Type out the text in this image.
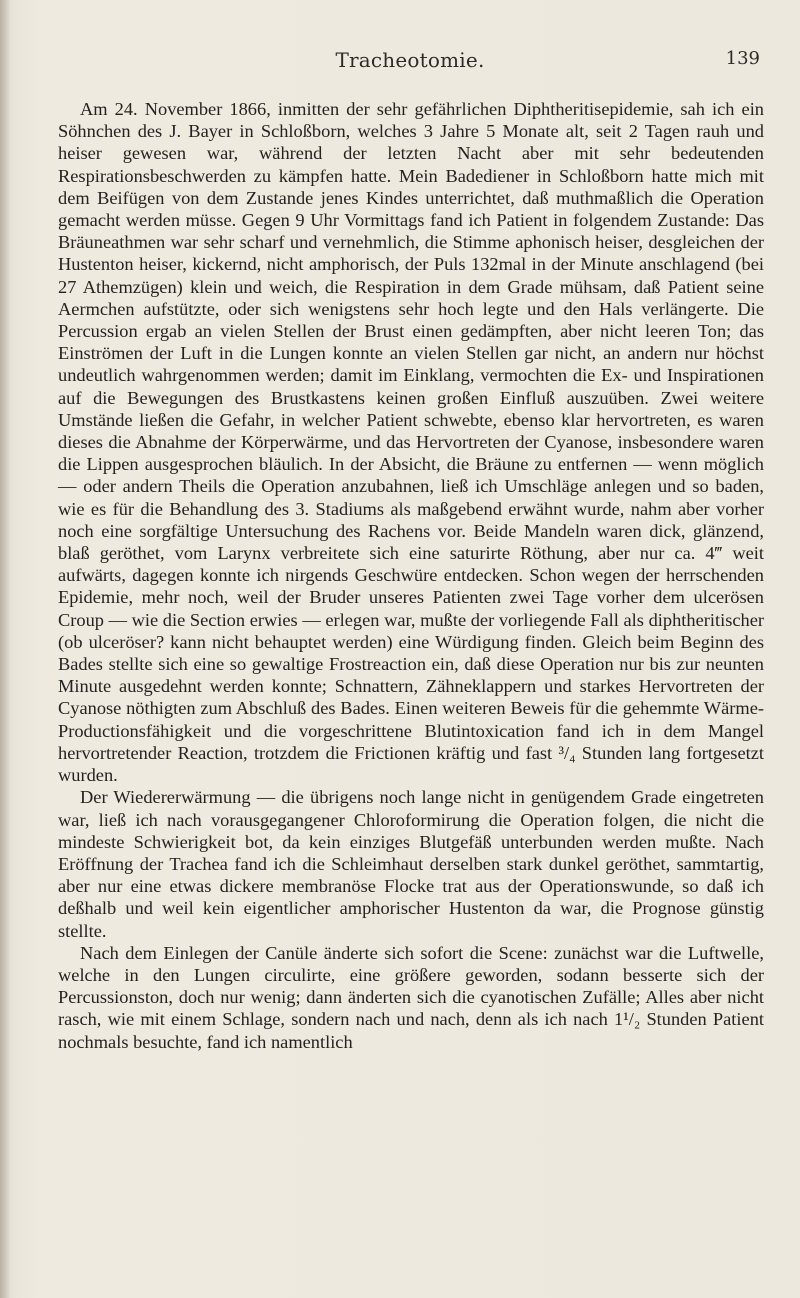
Tracheotomie.	139

Am 24. November 1866, inmitten der sehr gefährlichen Diphtheritisepidemie, sah ich ein Söhnchen des J. Bayer in Schloßborn, welches 3 Jahre 5 Monate alt, seit 2 Tagen rauh und heiser gewesen war, während der letzten Nacht aber mit sehr bedeutenden Respirationsbeschwerden zu kämpfen hatte. Mein Badediener in Schloßborn hatte mich mit dem Beifügen von dem Zustande jenes Kindes unterrichtet, daß muthmaßlich die Operation gemacht werden müsse. Gegen 9 Uhr Vormittags fand ich Patient in folgendem Zustande: Das Bräuneathmen war sehr scharf und vernehmlich, die Stimme aphonisch heiser, desgleichen der Hustenton heiser, kickernd, nicht amphorisch, der Puls 132mal in der Minute anschlagend (bei 27 Athemzügen) klein und weich, die Respiration in dem Grade mühsam, daß Patient seine Aermchen aufstützte, oder sich wenigstens sehr hoch legte und den Hals verlängerte. Die Percussion ergab an vielen Stellen der Brust einen gedämpften, aber nicht leeren Ton; das Einströmen der Luft in die Lungen konnte an vielen Stellen gar nicht, an andern nur höchst undeutlich wahrgenommen werden; damit im Einklang, vermochten die Ex- und Inspirationen auf die Bewegungen des Brustkastens keinen großen Einfluß auszuüben. Zwei weitere Umstände ließen die Gefahr, in welcher Patient schwebte, ebenso klar hervortreten, es waren dieses die Abnahme der Körperwärme, und das Hervortreten der Cyanose, insbesondere waren die Lippen ausgesprochen bläulich. In der Absicht, die Bräune zu entfernen — wenn möglich — oder andern Theils die Operation anzubahnen, ließ ich Umschläge anlegen und so baden, wie es für die Behandlung des 3. Stadiums als maßgebend erwähnt wurde, nahm aber vorher noch eine sorgfältige Untersuchung des Rachens vor. Beide Mandeln waren dick, glänzend, blaß geröthet, vom Larynx verbreitete sich eine saturirte Röthung, aber nur ca. 4‴ weit aufwärts, dagegen konnte ich nirgends Geschwüre entdecken. Schon wegen der herrschenden Epidemie, mehr noch, weil der Bruder unseres Patienten zwei Tage vorher dem ulcerösen Croup — wie die Section erwies — erlegen war, mußte der vorliegende Fall als diphtheritischer (ob ulceröser? kann nicht behauptet werden) eine Würdigung finden. Gleich beim Beginn des Bades stellte sich eine so gewaltige Frostreaction ein, daß diese Operation nur bis zur neunten Minute ausgedehnt werden konnte; Schnattern, Zähneklappern und starkes Hervortreten der Cyanose nöthigten zum Abschluß des Bades. Einen weiteren Beweis für die gehemmte Wärme-Productionsfähigkeit und die vorgeschrittene Blutintoxication fand ich in dem Mangel hervortretender Reaction, trotzdem die Frictionen kräftig und fast ³/₄ Stunden lang fortgesetzt wurden.

Der Wiedererwärmung — die übrigens noch lange nicht in genügendem Grade eingetreten war, ließ ich nach vorausgegangener Chloroformirung die Operation folgen, die nicht die mindeste Schwierigkeit bot, da kein einziges Blutgefäß unterbunden werden mußte. Nach Eröffnung der Trachea fand ich die Schleimhaut derselben stark dunkel geröthet, sammtartig, aber nur eine etwas dickere membranöse Flocke trat aus der Operationswunde, so daß ich deßhalb und weil kein eigentlicher amphorischer Hustenton da war, die Prognose günstig stellte.

Nach dem Einlegen der Canüle änderte sich sofort die Scene: zunächst war die Luftwelle, welche in den Lungen circulirte, eine größere geworden, sodann besserte sich der Percussionston, doch nur wenig; dann änderten sich die cyanotischen Zufälle; Alles aber nicht rasch, wie mit einem Schlage, sondern nach und nach, denn als ich nach 1¹/₂ Stunden Patient nochmals besuchte, fand ich namentlich
